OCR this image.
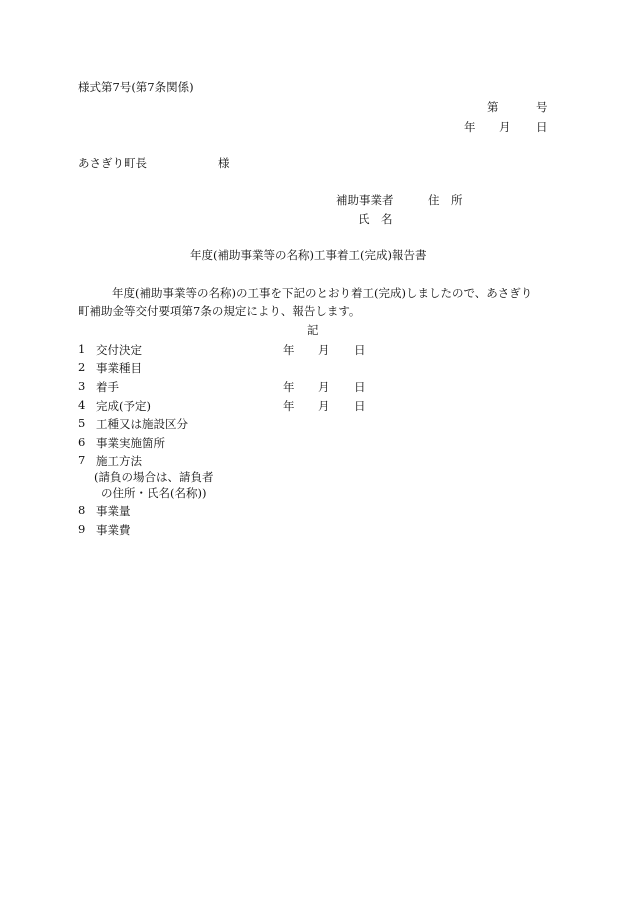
様式第7号(第7条関係)
第	号
年 月 日
あさぎり町長	様
補助事業者	住　所
氏　名
年度(補助事業等の名称)工事着工(完成)報告書
年度(補助事業等の名称)の工事を下記のとおり着工(完成)しましたので、あさぎり
町補助金等交付要項第7条の規定により、報告します。
記
1 交付決定	年 月 日
2 事業種目
3 着手	年 月 日
4 完成(予定)	年 月 日
5 工種又は施設区分
6 事業実施箇所
7 施工方法
(請負の場合は、請負者
の住所・氏名(名称))
8 事業量
9 事業費
